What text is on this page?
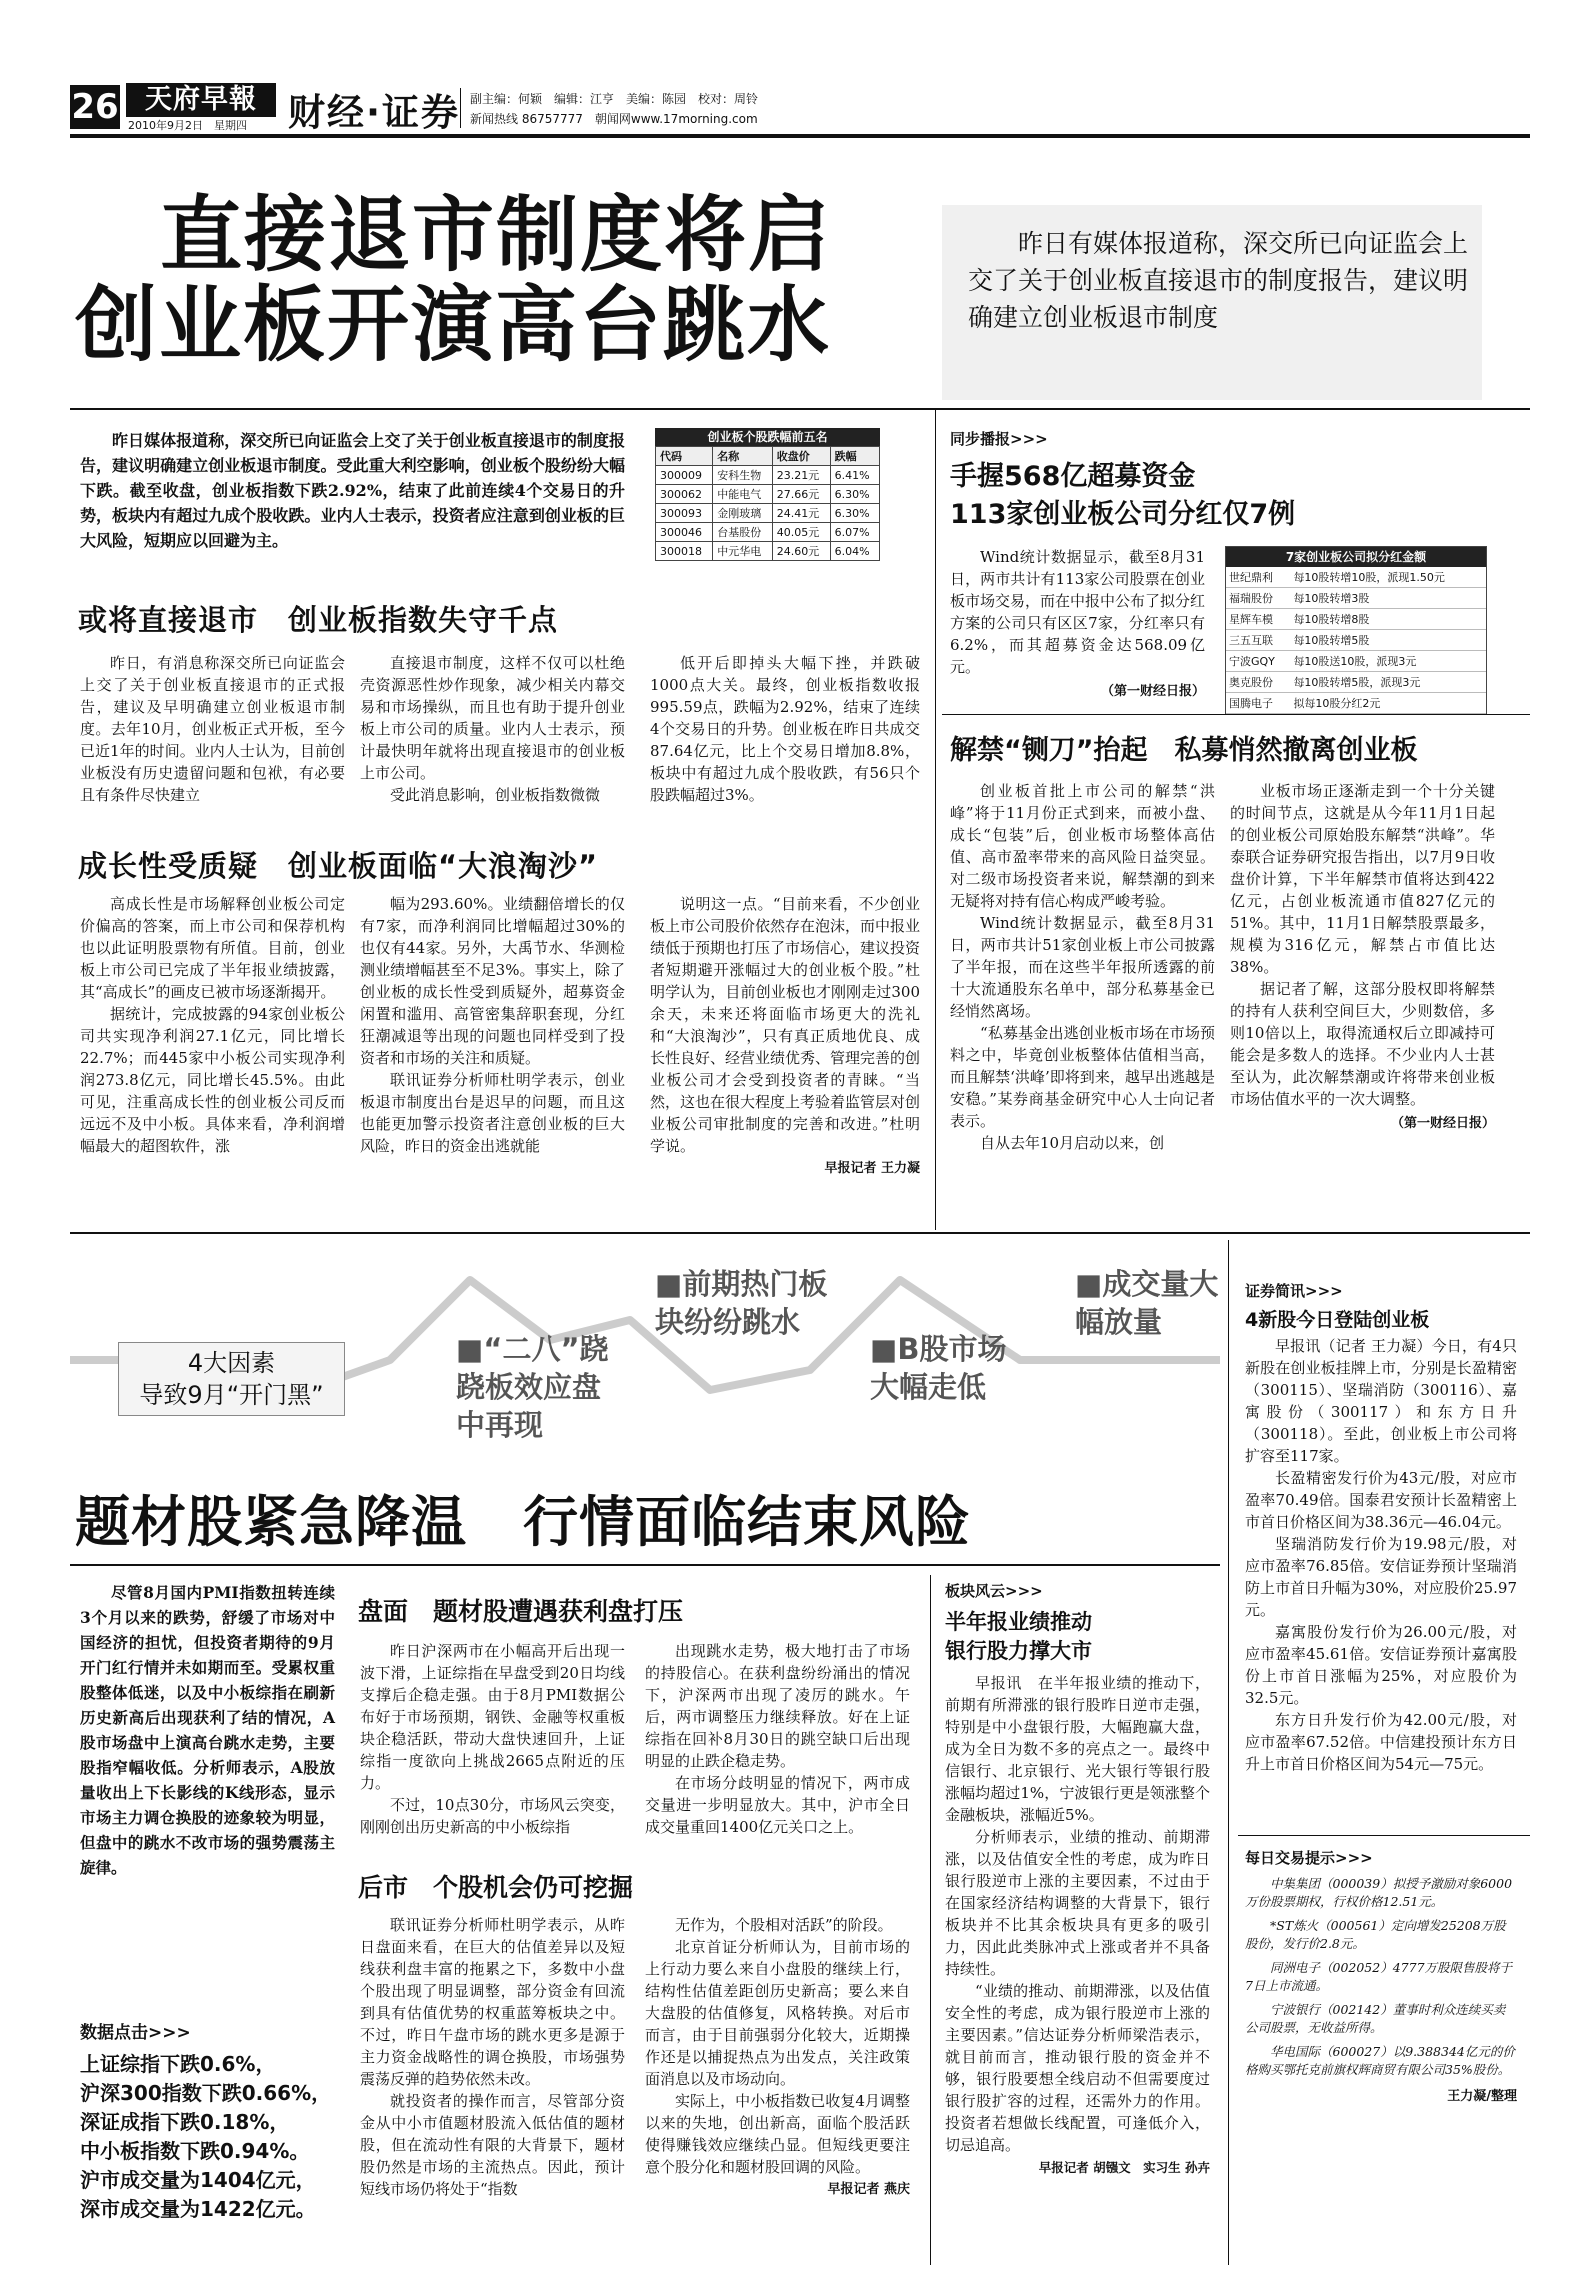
26 天府早報
2010年9月2日　星期四 财经·证券 副主编：何颖　编辑：江亨　美编：陈园　校对：周铃
新闻热线 86757777　朝闻网www.17morning.com
直接退市制度将启
创业板开演高台跳水
昨日有媒体报道称，深交所已向证监会上交了关于创业板直接退市的制度报告，建议明确建立创业板退市制度

昨日媒体报道称，深交所已向证监会上交了关于创业板直接退市的制度报告，建议明确建立创业板退市制度。受此重大利空影响，创业板个股纷纷大幅下跌。截至收盘，创业板指数下跌2.92%，结束了此前连续4个交易日的升势，板块内有超过九成个股收跌。业内人士表示，投资者应注意到创业板的巨大风险，短期应以回避为主。

创业板个股跌幅前五名
代码	名称	收盘价	跌幅
300009	安科生物	23.21元	6.41%
300062	中能电气	27.66元	6.30%
300093	金刚玻璃	24.41元	6.30%
300046	台基股份	40.05元	6.07%
300018	中元华电	24.60元	6.04%
或将直接退市　创业板指数失守千点

昨日，有消息称深交所已向证监会上交了关于创业板直接退市的正式报告，建议及早明确建立创业板退市制度。去年10月，创业板正式开板，至今已近1年的时间。业内人士认为，目前创业板没有历史遗留问题和包袱，有必要且有条件尽快建立

直接退市制度，这样不仅可以杜绝壳资源恶性炒作现象，减少相关内幕交易和市场操纵，而且也有助于提升创业板上市公司的质量。业内人士表示，预计最快明年就将出现直接退市的创业板上市公司。

受此消息影响，创业板指数微微

低开后即掉头大幅下挫，并跌破1000点大关。最终，创业板指数收报995.59点，跌幅为2.92%，结束了连续4个交易日的升势。创业板在昨日共成交87.64亿元，比上个交易日增加8.8%，板块中有超过九成个股收跌，有56只个股跌幅超过3%。

成长性受质疑　创业板面临“大浪淘沙”

高成长性是市场解释创业板公司定价偏高的答案，而上市公司和保荐机构也以此证明股票物有所值。目前，创业板上市公司已完成了半年报业绩披露，其“高成长”的画皮已被市场逐渐揭开。

据统计，完成披露的94家创业板公司共实现净利润27.1亿元，同比增长22.7%；而445家中小板公司实现净利润273.8亿元，同比增长45.5%。由此可见，注重高成长性的创业板公司反而远远不及中小板。具体来看，净利润增幅最大的超图软件，涨

幅为293.60%。业绩翻倍增长的仅有7家，而净利润同比增幅超过30%的也仅有44家。另外，大禹节水、华测检测业绩增幅甚至不足3%。事实上，除了创业板的成长性受到质疑外，超募资金闲置和滥用、高管密集辞职套现，分红狂潮减退等出现的问题也同样受到了投资者和市场的关注和质疑。

联讯证券分析师杜明学表示，创业板退市制度出台是迟早的问题，而且这也能更加警示投资者注意创业板的巨大风险，昨日的资金出逃就能

说明这一点。“目前来看，不少创业板上市公司股价依然存在泡沫，而中报业绩低于预期也打压了市场信心，建议投资者短期避开涨幅过大的创业板个股。”杜明学认为，目前创业板也才刚刚走过300余天，未来还将面临市场更大的洗礼和“大浪淘沙”，只有真正质地优良、成长性良好、经营业绩优秀、管理完善的创业板公司才会受到投资者的青睐。“当然，这也在很大程度上考验着监管层对创业板公司审批制度的完善和改进。”杜明学说。

早报记者 王力凝
同步播报>>>
手握568亿超募资金
113家创业板公司分红仅7例

Wind统计数据显示，截至8月31日，两市共计有113家公司股票在创业板市场交易，而在中报中公布了拟分红方案的公司只有区区7家，分红率只有6.2%，而其超募资金达568.09亿元。

（第一财经日报）
7家创业板公司拟分红金额
世纪鼎利	每10股转增10股，派现1.50元
福瑞股份	每10股转增3股
星辉车模	每10股转增8股
三五互联	每10股转增5股
宁波GQY	每10股送10股，派现3元
奥克股份	每10股转增5股，派现3元
国腾电子	拟每10股分红2元
解禁“铡刀”抬起　私募悄然撤离创业板

创业板首批上市公司的解禁“洪峰”将于11月份正式到来，而被小盘、成长“包装”后，创业板市场整体高估值、高市盈率带来的高风险日益突显。对二级市场投资者来说，解禁潮的到来无疑将对持有信心构成严峻考验。

Wind统计数据显示，截至8月31日，两市共计51家创业板上市公司披露了半年报，而在这些半年报所透露的前十大流通股东名单中，部分私募基金已经悄然离场。

“私募基金出逃创业板市场在市场预料之中，毕竟创业板整体估值相当高，而且解禁‘洪峰’即将到来，越早出逃越是安稳。”某券商基金研究中心人士向记者表示。

自从去年10月启动以来，创

业板市场正逐渐走到一个十分关键的时间节点，这就是从今年11月1日起的创业板公司原始股东解禁“洪峰”。华泰联合证券研究报告指出，以7月9日收盘价计算，下半年解禁市值将达到422亿元，占创业板流通市值827亿元的51%。其中，11月1日解禁股票最多，规模为316亿元，解禁占市值比达38%。

据记者了解，这部分股权即将解禁的持有人获利空间巨大，少则数倍，多则10倍以上，取得流通权后立即减持可能会是多数人的选择。不少业内人士甚至认为，此次解禁潮或许将带来创业板市场估值水平的一次大调整。

（第一财经日报）
4大因素
导致9月“开门黑”
■“二八”跷跷板效应盘中再现
■前期热门板块纷纷跳水
■B股市场大幅走低
■成交量大幅放量
题材股紧急降温　行情面临结束风险

尽管8月国内PMI指数扭转连续3个月以来的跌势，舒缓了市场对中国经济的担忧，但投资者期待的9月开门红行情并未如期而至。受累权重股整体低迷，以及中小板综指在刷新历史新高后出现获利了结的情况，A股市场盘中上演高台跳水走势，主要股指窄幅收低。分析师表示，A股放量收出上下长影线的K线形态，显示市场主力调仓换股的迹象较为明显，但盘中的跳水不改市场的强势震荡主旋律。

数据点击>>>
上证综指下跌0.6%，
沪深300指数下跌0.66%，
深证成指下跌0.18%，
中小板指数下跌0.94%。
沪市成交量为1404亿元，
深市成交量为1422亿元。
盘面　题材股遭遇获利盘打压

昨日沪深两市在小幅高开后出现一波下滑，上证综指在早盘受到20日均线支撑后企稳走强。由于8月PMI数据公布好于市场预期，钢铁、金融等权重板块企稳活跃，带动大盘快速回升，上证综指一度欲向上挑战2665点附近的压力。

不过，10点30分，市场风云突变，刚刚创出历史新高的中小板综指

出现跳水走势，极大地打击了市场的持股信心。在获利盘纷纷涌出的情况下，沪深两市出现了凌厉的跳水。午后，两市调整压力继续释放。好在上证综指在回补8月30日的跳空缺口后出现明显的止跌企稳走势。

在市场分歧明显的情况下，两市成交量进一步明显放大。其中，沪市全日成交量重回1400亿元关口之上。

后市　个股机会仍可挖掘

联讯证券分析师杜明学表示，从昨日盘面来看，在巨大的估值差异以及短线获利盘丰富的拖累之下，多数中小盘个股出现了明显调整，部分资金有回流到具有估值优势的权重蓝筹板块之中。不过，昨日午盘市场的跳水更多是源于主力资金战略性的调仓换股，市场强势震荡反弹的趋势依然未改。

就投资者的操作而言，尽管部分资金从中小市值题材股流入低估值的题材股，但在流动性有限的大背景下，题材股仍然是市场的主流热点。因此，预计短线市场仍将处于“指数

无作为，个股相对活跃”的阶段。

北京首证分析师认为，目前市场的上行动力要么来自小盘股的继续上行，结构性估值差距创历史新高；要么来自大盘股的估值修复，风格转换。对后市而言，由于目前强弱分化较大，近期操作还是以捕捉热点为出发点，关注政策面消息以及市场动向。

实际上，中小板指数已收复4月调整以来的失地，创出新高，面临个股活跃使得赚钱效应继续凸显。但短线更要注意个股分化和题材股回调的风险。

早报记者 燕庆
板块风云>>>
半年报业绩推动
银行股力撑大市

早报讯　在半年报业绩的推动下，前期有所滞涨的银行股昨日逆市走强，特别是中小盘银行股，大幅跑赢大盘，成为全日为数不多的亮点之一。最终中信银行、北京银行、光大银行等银行股涨幅均超过1%，宁波银行更是领涨整个金融板块，涨幅近5%。

分析师表示，业绩的推动、前期滞涨，以及估值安全性的考虑，成为昨日银行股逆市上涨的主要因素，不过由于在国家经济结构调整的大背景下，银行板块并不比其余板块具有更多的吸引力，因此此类脉冲式上涨或者并不具备持续性。

“业绩的推动、前期滞涨，以及估值安全性的考虑，成为银行股逆市上涨的主要因素。”信达证券分析师梁浩表示，就目前而言，推动银行股的资金并不够，银行股要想全线启动不但需要度过银行股扩容的过程，还需外力的作用。投资者若想做长线配置，可逢低介入，切忌追高。

早报记者 胡镪文　实习生 孙卉
证券简讯>>>
4新股今日登陆创业板

早报讯（记者 王力凝）今日，有4只新股在创业板挂牌上市，分别是长盈精密（300115）、坚瑞消防（300116）、嘉寓股份（300117）和东方日升（300118）。至此，创业板上市公司将扩容至117家。

长盈精密发行价为43元/股，对应市盈率70.49倍。国泰君安预计长盈精密上市首日价格区间为38.36元—46.04元。

坚瑞消防发行价为19.98元/股，对应市盈率76.85倍。安信证券预计坚瑞消防上市首日升幅为30%，对应股价25.97元。

嘉寓股份发行价为26.00元/股，对应市盈率45.61倍。安信证券预计嘉寓股份上市首日涨幅为25%，对应股价为32.5元。

东方日升发行价为42.00元/股，对应市盈率67.52倍。中信建投预计东方日升上市首日价格区间为54元—75元。

每日交易提示>>>

中集集团（000039）拟授予激励对象6000万份股票期权，行权价格12.51元。

*ST炼火（000561）定向增发25208万股股份，发行价2.8元。

同洲电子（002052）4777万股限售股将于7日上市流通。

宁波银行（002142）董事时利众连续买卖公司股票，无收益所得。

华电国际（600027）以9.388344亿元的价格购买鄂托克前旗权辉商贸有限公司35%股份。

王力凝/整理
